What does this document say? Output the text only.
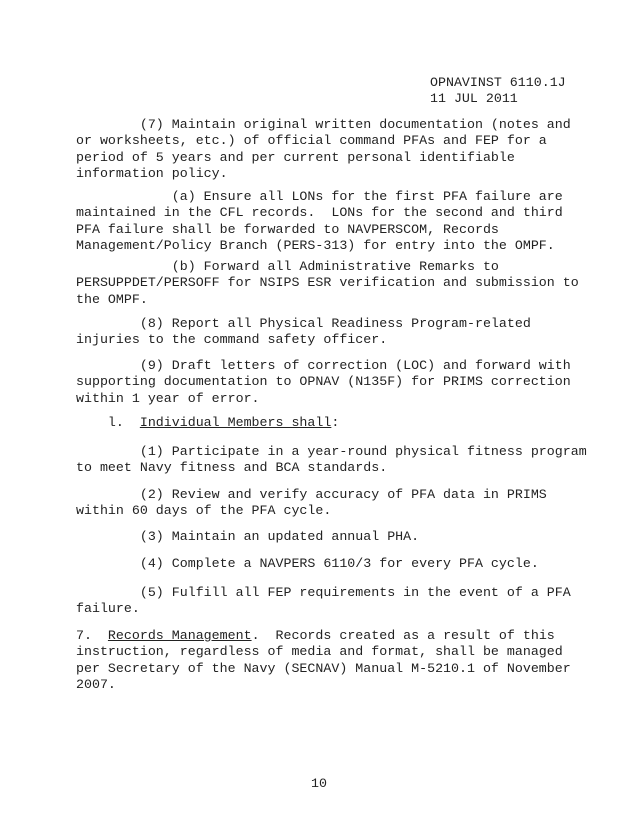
OPNAVINST 6110.1J
11 JUL 2011
(7) Maintain original written documentation (notes and
or worksheets, etc.) of official command PFAs and FEP for a
period of 5 years and per current personal identifiable
information policy.
(a) Ensure all LONs for the first PFA failure are
maintained in the CFL records.  LONs for the second and third
PFA failure shall be forwarded to NAVPERSCOM, Records
Management/Policy Branch (PERS-313) for entry into the OMPF.
(b) Forward all Administrative Remarks to
PERSUPPDET/PERSOFF for NSIPS ESR verification and submission to
the OMPF.
(8) Report all Physical Readiness Program-related
injuries to the command safety officer.
(9) Draft letters of correction (LOC) and forward with
supporting documentation to OPNAV (N135F) for PRIMS correction
within 1 year of error.
l.  Individual Members shall:
(1) Participate in a year-round physical fitness program
to meet Navy fitness and BCA standards.
(2) Review and verify accuracy of PFA data in PRIMS
within 60 days of the PFA cycle.
(3) Maintain an updated annual PHA.
(4) Complete a NAVPERS 6110/3 for every PFA cycle.
(5) Fulfill all FEP requirements in the event of a PFA
failure.
7.  Records Management.  Records created as a result of this
instruction, regardless of media and format, shall be managed
per Secretary of the Navy (SECNAV) Manual M-5210.1 of November
2007.
10
